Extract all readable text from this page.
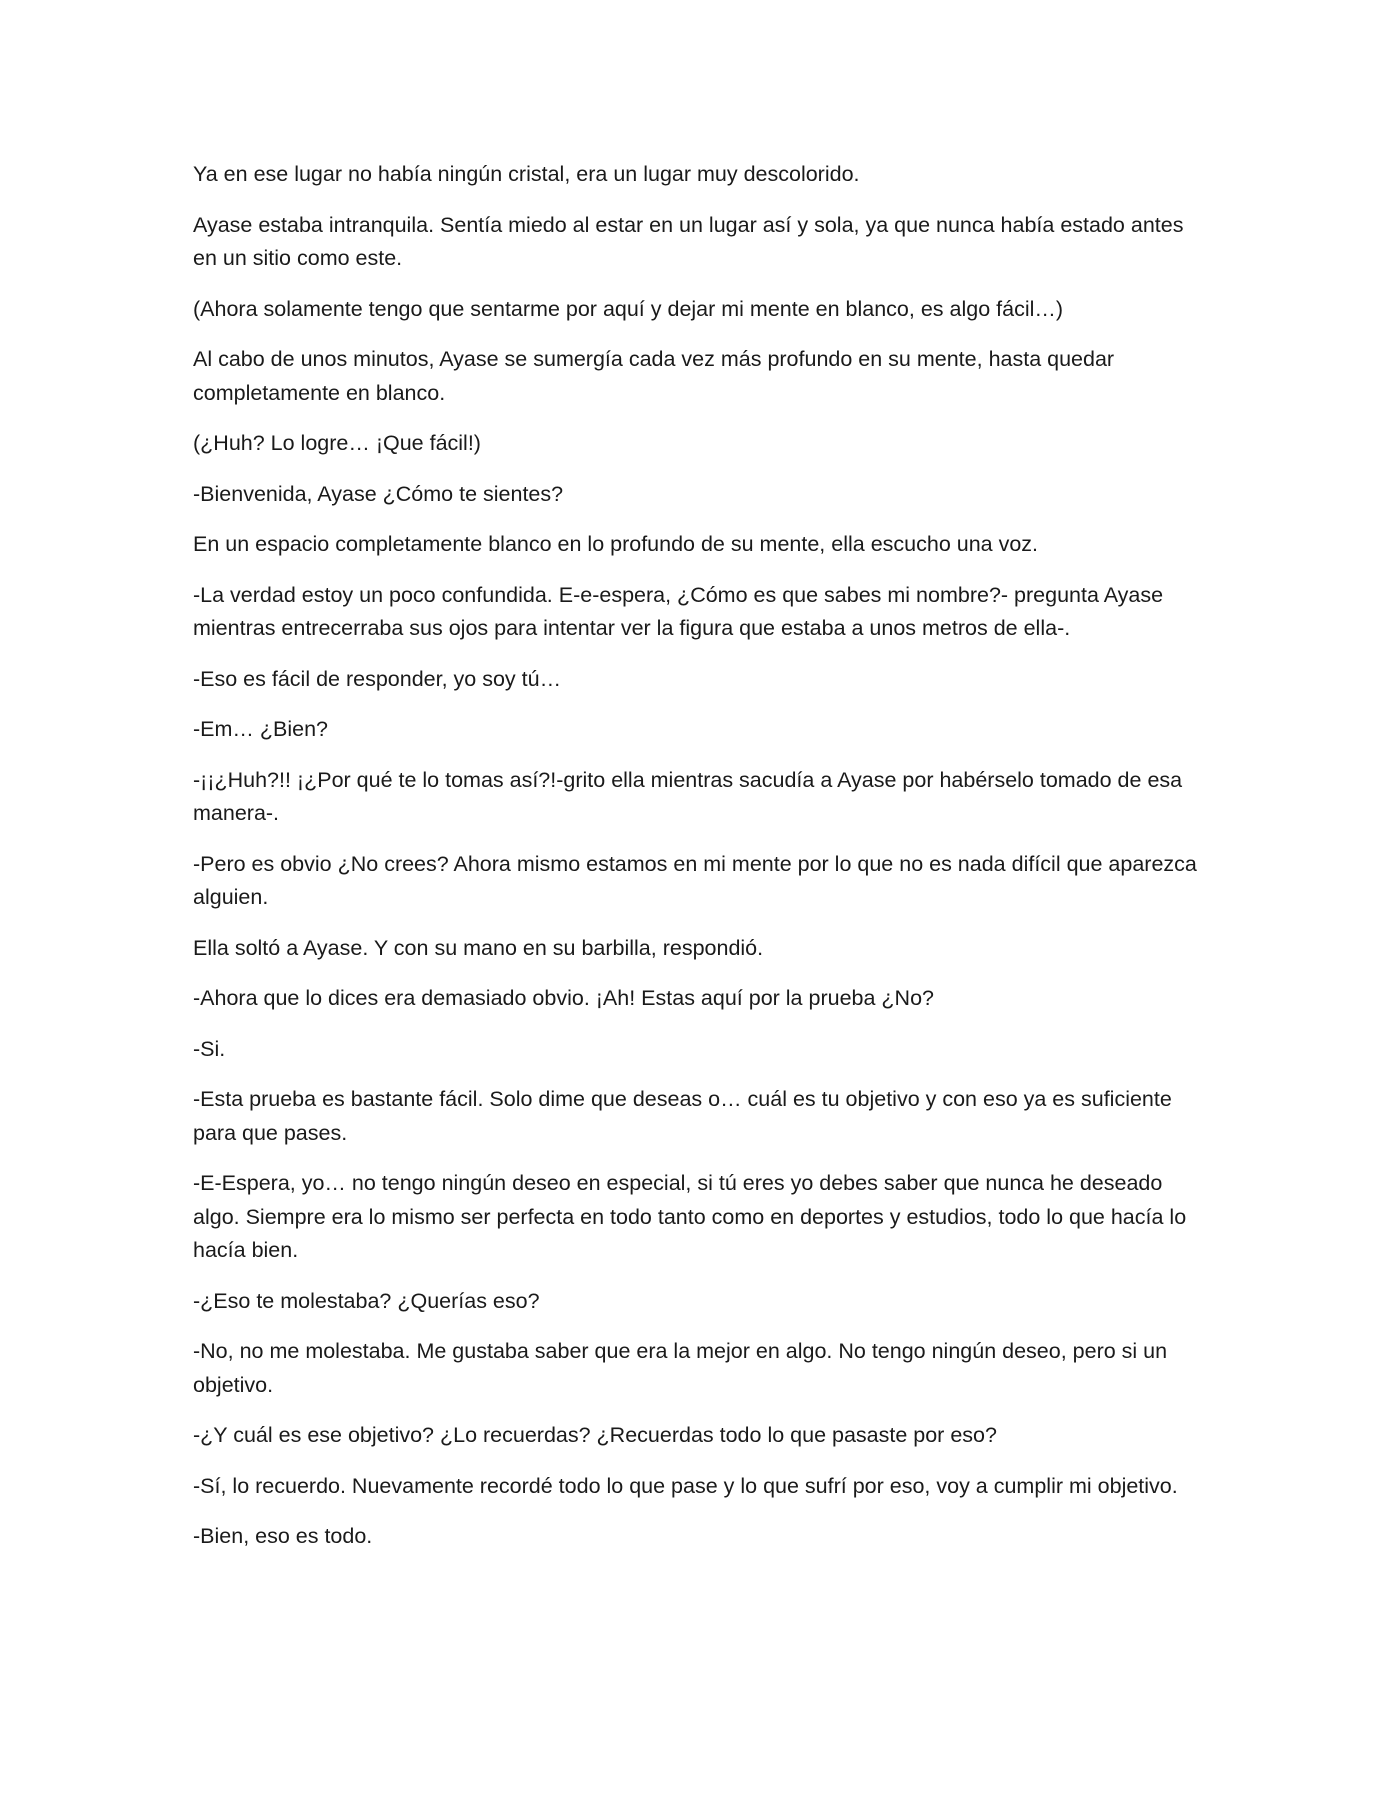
Ya en ese lugar no había ningún cristal, era un lugar muy descolorido.

Ayase estaba intranquila. Sentía miedo al estar en un lugar así y sola, ya que nunca había estado antes en un sitio como este.

(Ahora solamente tengo que sentarme por aquí y dejar mi mente en blanco, es algo fácil…)

Al cabo de unos minutos, Ayase se sumergía cada vez más profundo en su mente, hasta quedar completamente en blanco.

(¿Huh? Lo logre… ¡Que fácil!)

-Bienvenida, Ayase ¿Cómo te sientes?

En un espacio completamente blanco en lo profundo de su mente, ella escucho una voz.

-La verdad estoy un poco confundida. E-e-espera, ¿Cómo es que sabes mi nombre?- pregunta Ayase mientras entrecerraba sus ojos para intentar ver la figura que estaba a unos metros de ella-.

-Eso es fácil de responder, yo soy tú…

-Em… ¿Bien?

-¡¡¿Huh?!! ¡¿Por qué te lo tomas así?!-grito ella mientras sacudía a Ayase por habérselo tomado de esa manera-.

-Pero es obvio ¿No crees? Ahora mismo estamos en mi mente por lo que no es nada difícil que aparezca alguien.

Ella soltó a Ayase. Y con su mano en su barbilla, respondió.

-Ahora que lo dices era demasiado obvio. ¡Ah! Estas aquí por la prueba ¿No?

-Si.

-Esta prueba es bastante fácil. Solo dime que deseas o… cuál es tu objetivo y con eso ya es suficiente para que pases.

-E-Espera, yo… no tengo ningún deseo en especial, si tú eres yo debes saber que nunca he deseado algo. Siempre era lo mismo ser perfecta en todo tanto como en deportes y estudios, todo lo que hacía lo hacía bien.

-¿Eso te molestaba? ¿Querías eso?

-No, no me molestaba. Me gustaba saber que era la mejor en algo. No tengo ningún deseo, pero si un objetivo.

-¿Y cuál es ese objetivo? ¿Lo recuerdas? ¿Recuerdas todo lo que pasaste por eso?

-Sí, lo recuerdo. Nuevamente recordé todo lo que pase y lo que sufrí por eso, voy a cumplir mi objetivo.

-Bien, eso es todo.
